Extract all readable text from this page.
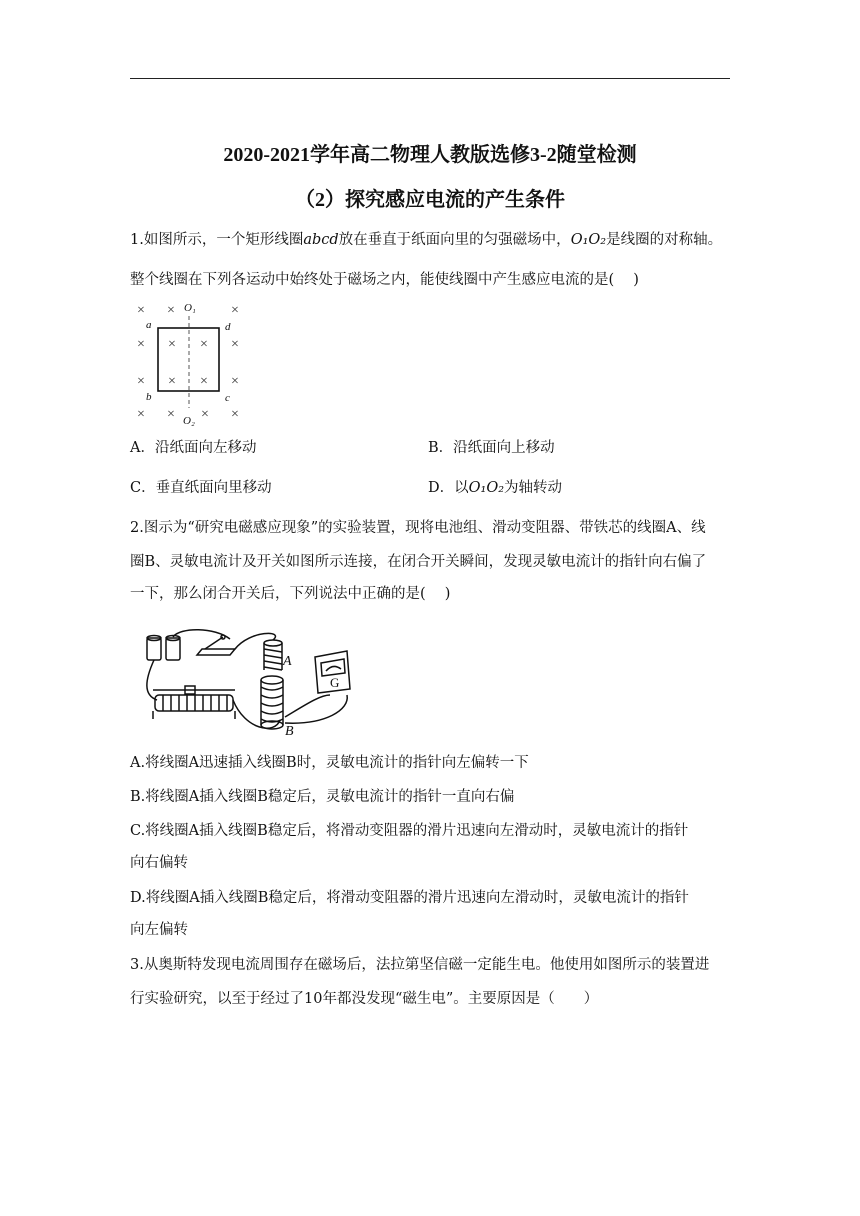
2020-2021学年高二物理人教版选修3-2随堂检测
（2）探究感应电流的产生条件
1.如图所示，一个矩形线圈abcd放在垂直于纸面向里的匀强磁场中，O₁O₂是线圈的对称轴。
整个线圈在下列各运动中始终处于磁场之内，能使线圈中产生感应电流的是(　 )
× ×	×
× × × ×
× × × ×
× × × ×
a	d
b	c
O₁
O₂
A．沿纸面向左移动	B．沿纸面向上移动
C．垂直纸面向里移动	D．以O₁O₂为轴转动
2.图示为“研究电磁感应现象”的实验装置，现将电池组、滑动变阻器、带铁芯的线圈A、线
圈B、灵敏电流计及开关如图所示连接，在闭合开关瞬间，发现灵敏电流计的指针向右偏了
一下，那么闭合开关后，下列说法中正确的是(　 )
A
B
G
A.将线圈A迅速插入线圈B时，灵敏电流计的指针向左偏转一下
B.将线圈A插入线圈B稳定后，灵敏电流计的指针一直向右偏
C.将线圈A插入线圈B稳定后，将滑动变阻器的滑片迅速向左滑动时，灵敏电流计的指针
向右偏转
D.将线圈A插入线圈B稳定后，将滑动变阻器的滑片迅速向左滑动时，灵敏电流计的指针
向左偏转
3.从奥斯特发现电流周围存在磁场后，法拉第坚信磁一定能生电。他使用如图所示的装置进
行实验研究，以至于经过了10年都没发现“磁生电”。主要原因是（　　）
